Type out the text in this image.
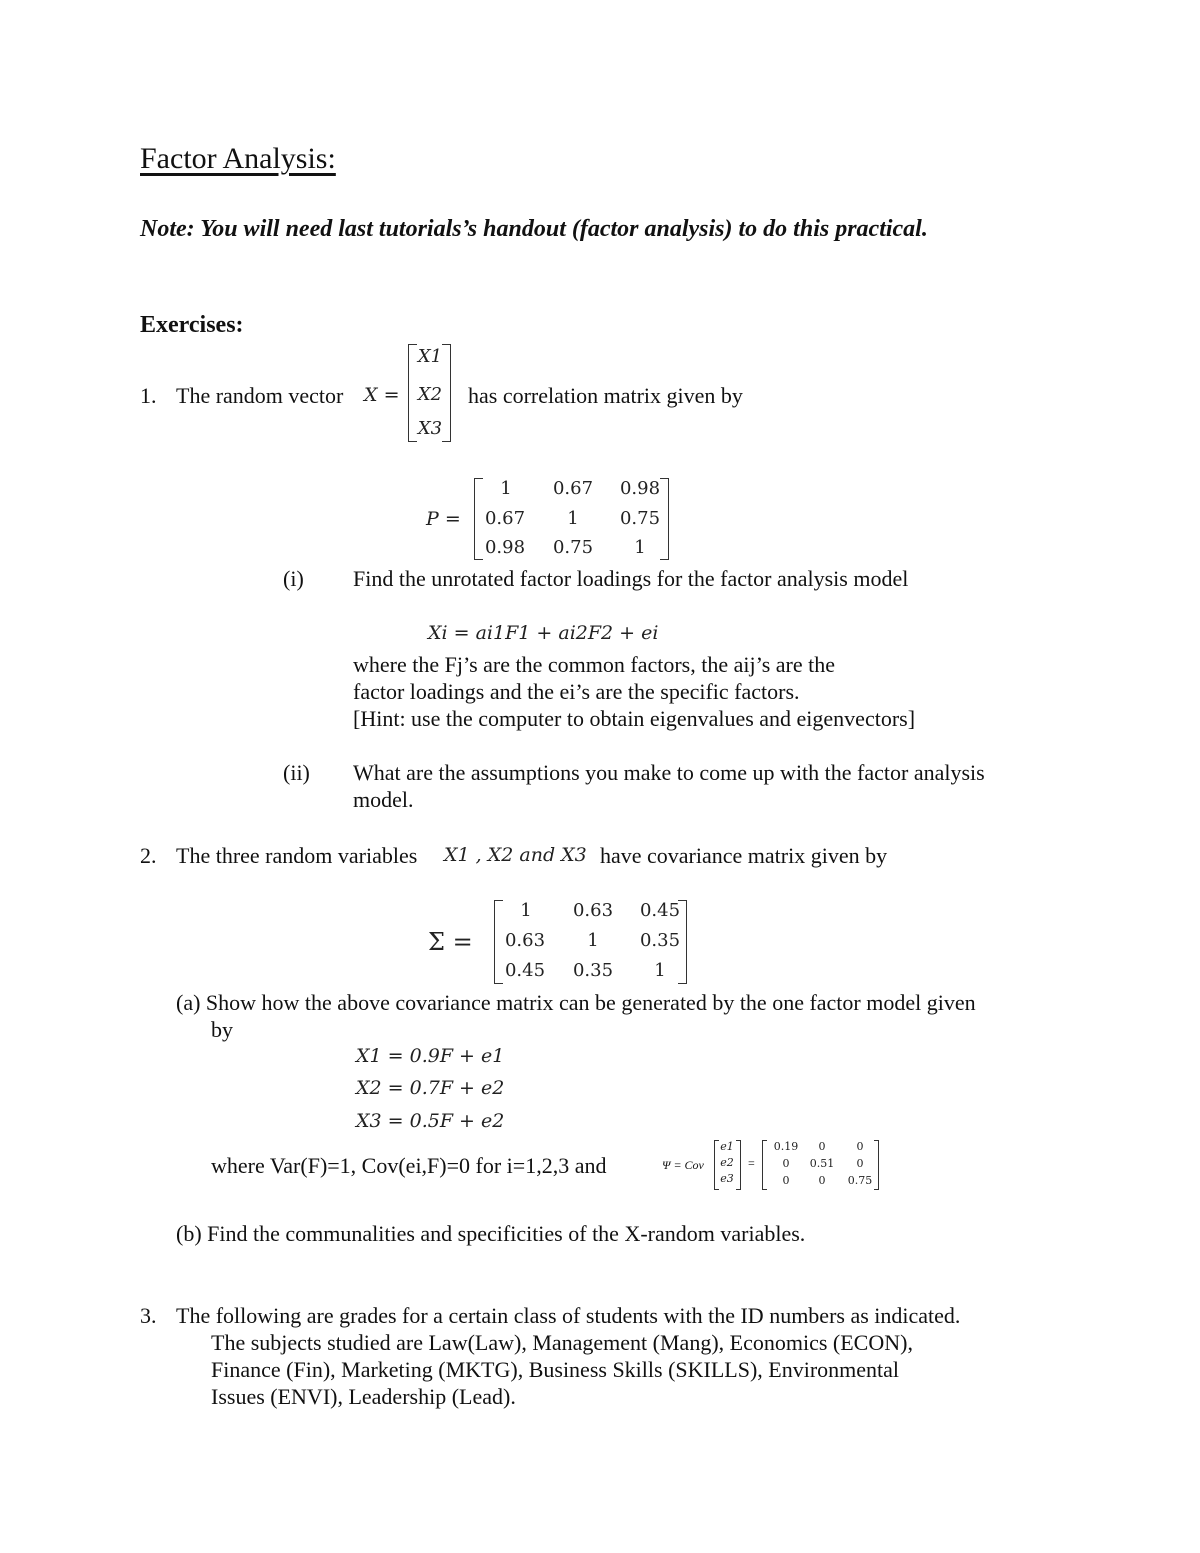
Factor Analysis:
Note: You will need last tutorials’s handout (factor analysis) to do this practical.
Exercises:
1. The random vector X =
X1
X2
X3
has correlation matrix given by
P =
1	0.67	0.98
0.67	1	0.75
0.98	0.75	1
(i) Find the unrotated factor loadings for the factor analysis model
Xi = ai1F1 + ai2F2 + ei
where the Fj’s are the common factors, the aij’s are the
factor loadings and the ei’s are the specific factors.
[Hint: use the computer to obtain eigenvalues and eigenvectors]
(ii) What are the assumptions you make to come up with the factor analysis
model.
2. The three random variables X1 , X2 and X3 have covariance matrix given by
Σ =
1	0.63	0.45
0.63	1	0.35
0.45	0.35	1
(a) Show how the above covariance matrix can be generated by the one factor model given
by
X1 = 0.9F + e1
X2 = 0.7F + e2
X3 = 0.5F + e2
where Var(F)=1, Cov(ei,F)=0 for i=1,2,3 and	Ψ = Cov
e1
e2
e3
=
0.19	0	0
0	0.51	0
0	0	0.75
(b) Find the communalities and specificities of the X-random variables.
3. The following are grades for a certain class of students with the ID numbers as indicated.
The subjects studied are Law(Law), Management (Mang), Economics (ECON),
Finance (Fin), Marketing (MKTG), Business Skills (SKILLS), Environmental
Issues (ENVI), Leadership (Lead).
